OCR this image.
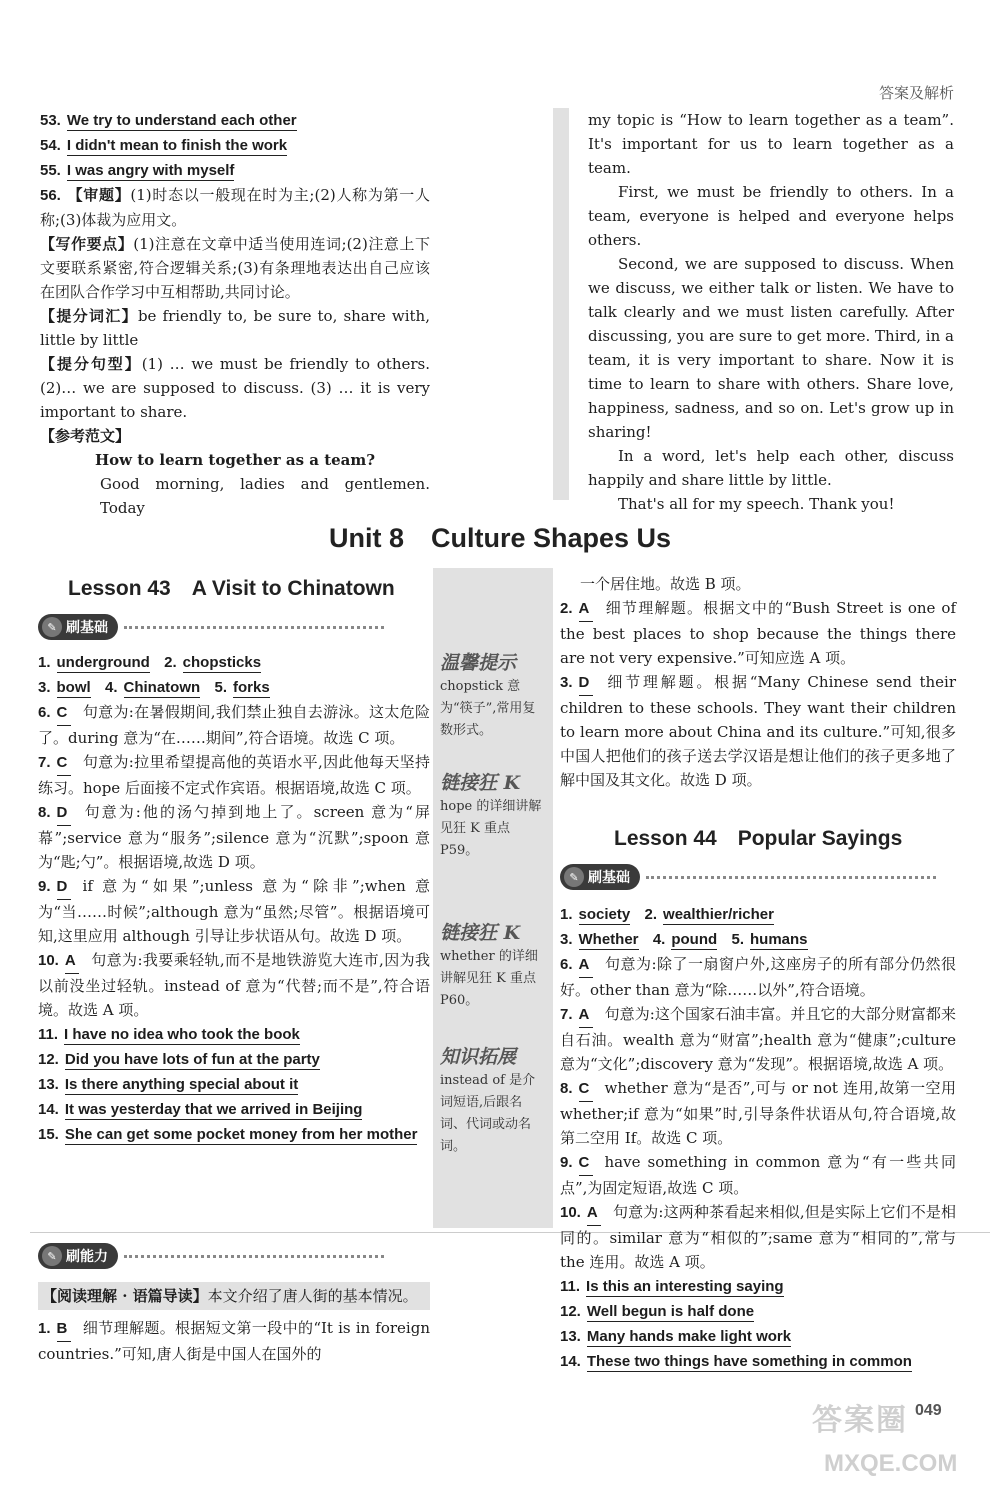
答案及解析
53. We try to understand each other
54. I didn't mean to finish the work
55. I was angry with myself
56. 【审题】(1)时态以一般现在时为主;(2)人称为第一人称;(3)体裁为应用文。
【写作要点】(1)注意在文章中适当使用连词;(2)注意上下文要联系紧密,符合逻辑关系;(3)有条理地表达出自己应该在团队合作学习中互相帮助,共同讨论。
【提分词汇】be friendly to, be sure to, share with, little by little
【提分句型】(1) … we must be friendly to others. (2)… we are supposed to discuss. (3) … it is very important to share.
【参考范文】
How to learn together as a team?
Good morning, ladies and gentlemen. Today
my topic is “How to learn together as a team”. It's important for us to learn together as a team.
First, we must be friendly to others. In a team, everyone is helped and everyone helps others.
Second, we are supposed to discuss. When we discuss, we either talk or listen. We have to talk clearly and we must listen carefully. After discussing, you are sure to get more. Third, in a team, it is very important to share. Now it is time to learn to share with others. Share love, happiness, sadness, and so on. Let's grow up in sharing!
In a word, let's help each other, discuss happily and share little by little.
That's all for my speech. Thank you!
Unit 8　Culture Shapes Us
Lesson 43　A Visit to Chinatown
✎ 刷基础
1. underground 2. chopsticks
3. bowl 4. Chinatown 5. forks
6. C 句意为:在暑假期间,我们禁止独自去游泳。这太危险了。during 意为“在……期间”,符合语境。故选 C 项。
7. C 句意为:拉里希望提高他的英语水平,因此他每天坚持练习。hope 后面接不定式作宾语。根据语境,故选 C 项。
8. D 句意为:他的汤勺掉到地上了。screen 意为“屏幕”;service 意为“服务”;silence 意为“沉默”;spoon 意为“匙;勺”。根据语境,故选 D 项。
9. D if 意为“如果”;unless 意为“除非”;when 意为“当……时候”;although 意为“虽然;尽管”。根据语境可知,这里应用 although 引导让步状语从句。故选 D 项。
10. A 句意为:我要乘轻轨,而不是地铁游览大连市,因为我以前没坐过轻轨。instead of 意为“代替;而不是”,符合语境。故选 A 项。
11. I have no idea who took the book
12. Did you have lots of fun at the party
13. Is there anything special about it
14. It was yesterday that we arrived in Beijing
15. She can get some pocket money from her mother
✎ 刷能力
【阅读理解 · 语篇导读】本文介绍了唐人街的基本情况。
1. B 细节理解题。根据短文第一段中的“It is in foreign countries.”可知,唐人街是中国人在国外的
温馨提示
chopstick 意为“筷子”,常用复数形式。
链接狂 K
hope 的详细讲解见狂 K 重点 P59。
链接狂 K
whether 的详细讲解见狂 K 重点 P60。
知识拓展
instead of 是介词短语,后跟名词、代词或动名词。
一个居住地。故选 B 项。
2. A 细节理解题。根据文中的“Bush Street is one of the best places to shop because the things there are not very expensive.”可知应选 A 项。
3. D 细节理解题。根据“Many Chinese send their children to these schools. They want their children to learn more about China and its culture.”可知,很多中国人把他们的孩子送去学汉语是想让他们的孩子更多地了解中国及其文化。故选 D 项。
Lesson 44　Popular Sayings
✎ 刷基础
1. society 2. wealthier/richer
3. Whether 4. pound 5. humans
6. A 句意为:除了一扇窗户外,这座房子的所有部分仍然很好。other than 意为“除……以外”,符合语境。
7. A 句意为:这个国家石油丰富。并且它的大部分财富都来自石油。wealth 意为“财富”;health 意为“健康”;culture 意为“文化”;discovery 意为“发现”。根据语境,故选 A 项。
8. C whether 意为“是否”,可与 or not 连用,故第一空用 whether;if 意为“如果”时,引导条件状语从句,符合语境,故第二空用 If。故选 C 项。
9. C have something in common 意为“有一些共同点”,为固定短语,故选 C 项。
10. A 句意为:这两种茶看起来相似,但是实际上它们不是相同的。similar 意为“相似的”;same 意为“相同的”,常与 the 连用。故选 A 项。
11. Is this an interesting saying
12. Well begun is half done
13. Many hands make light work
14. These two things have something in common
答案圈 049
MXQE.COM
